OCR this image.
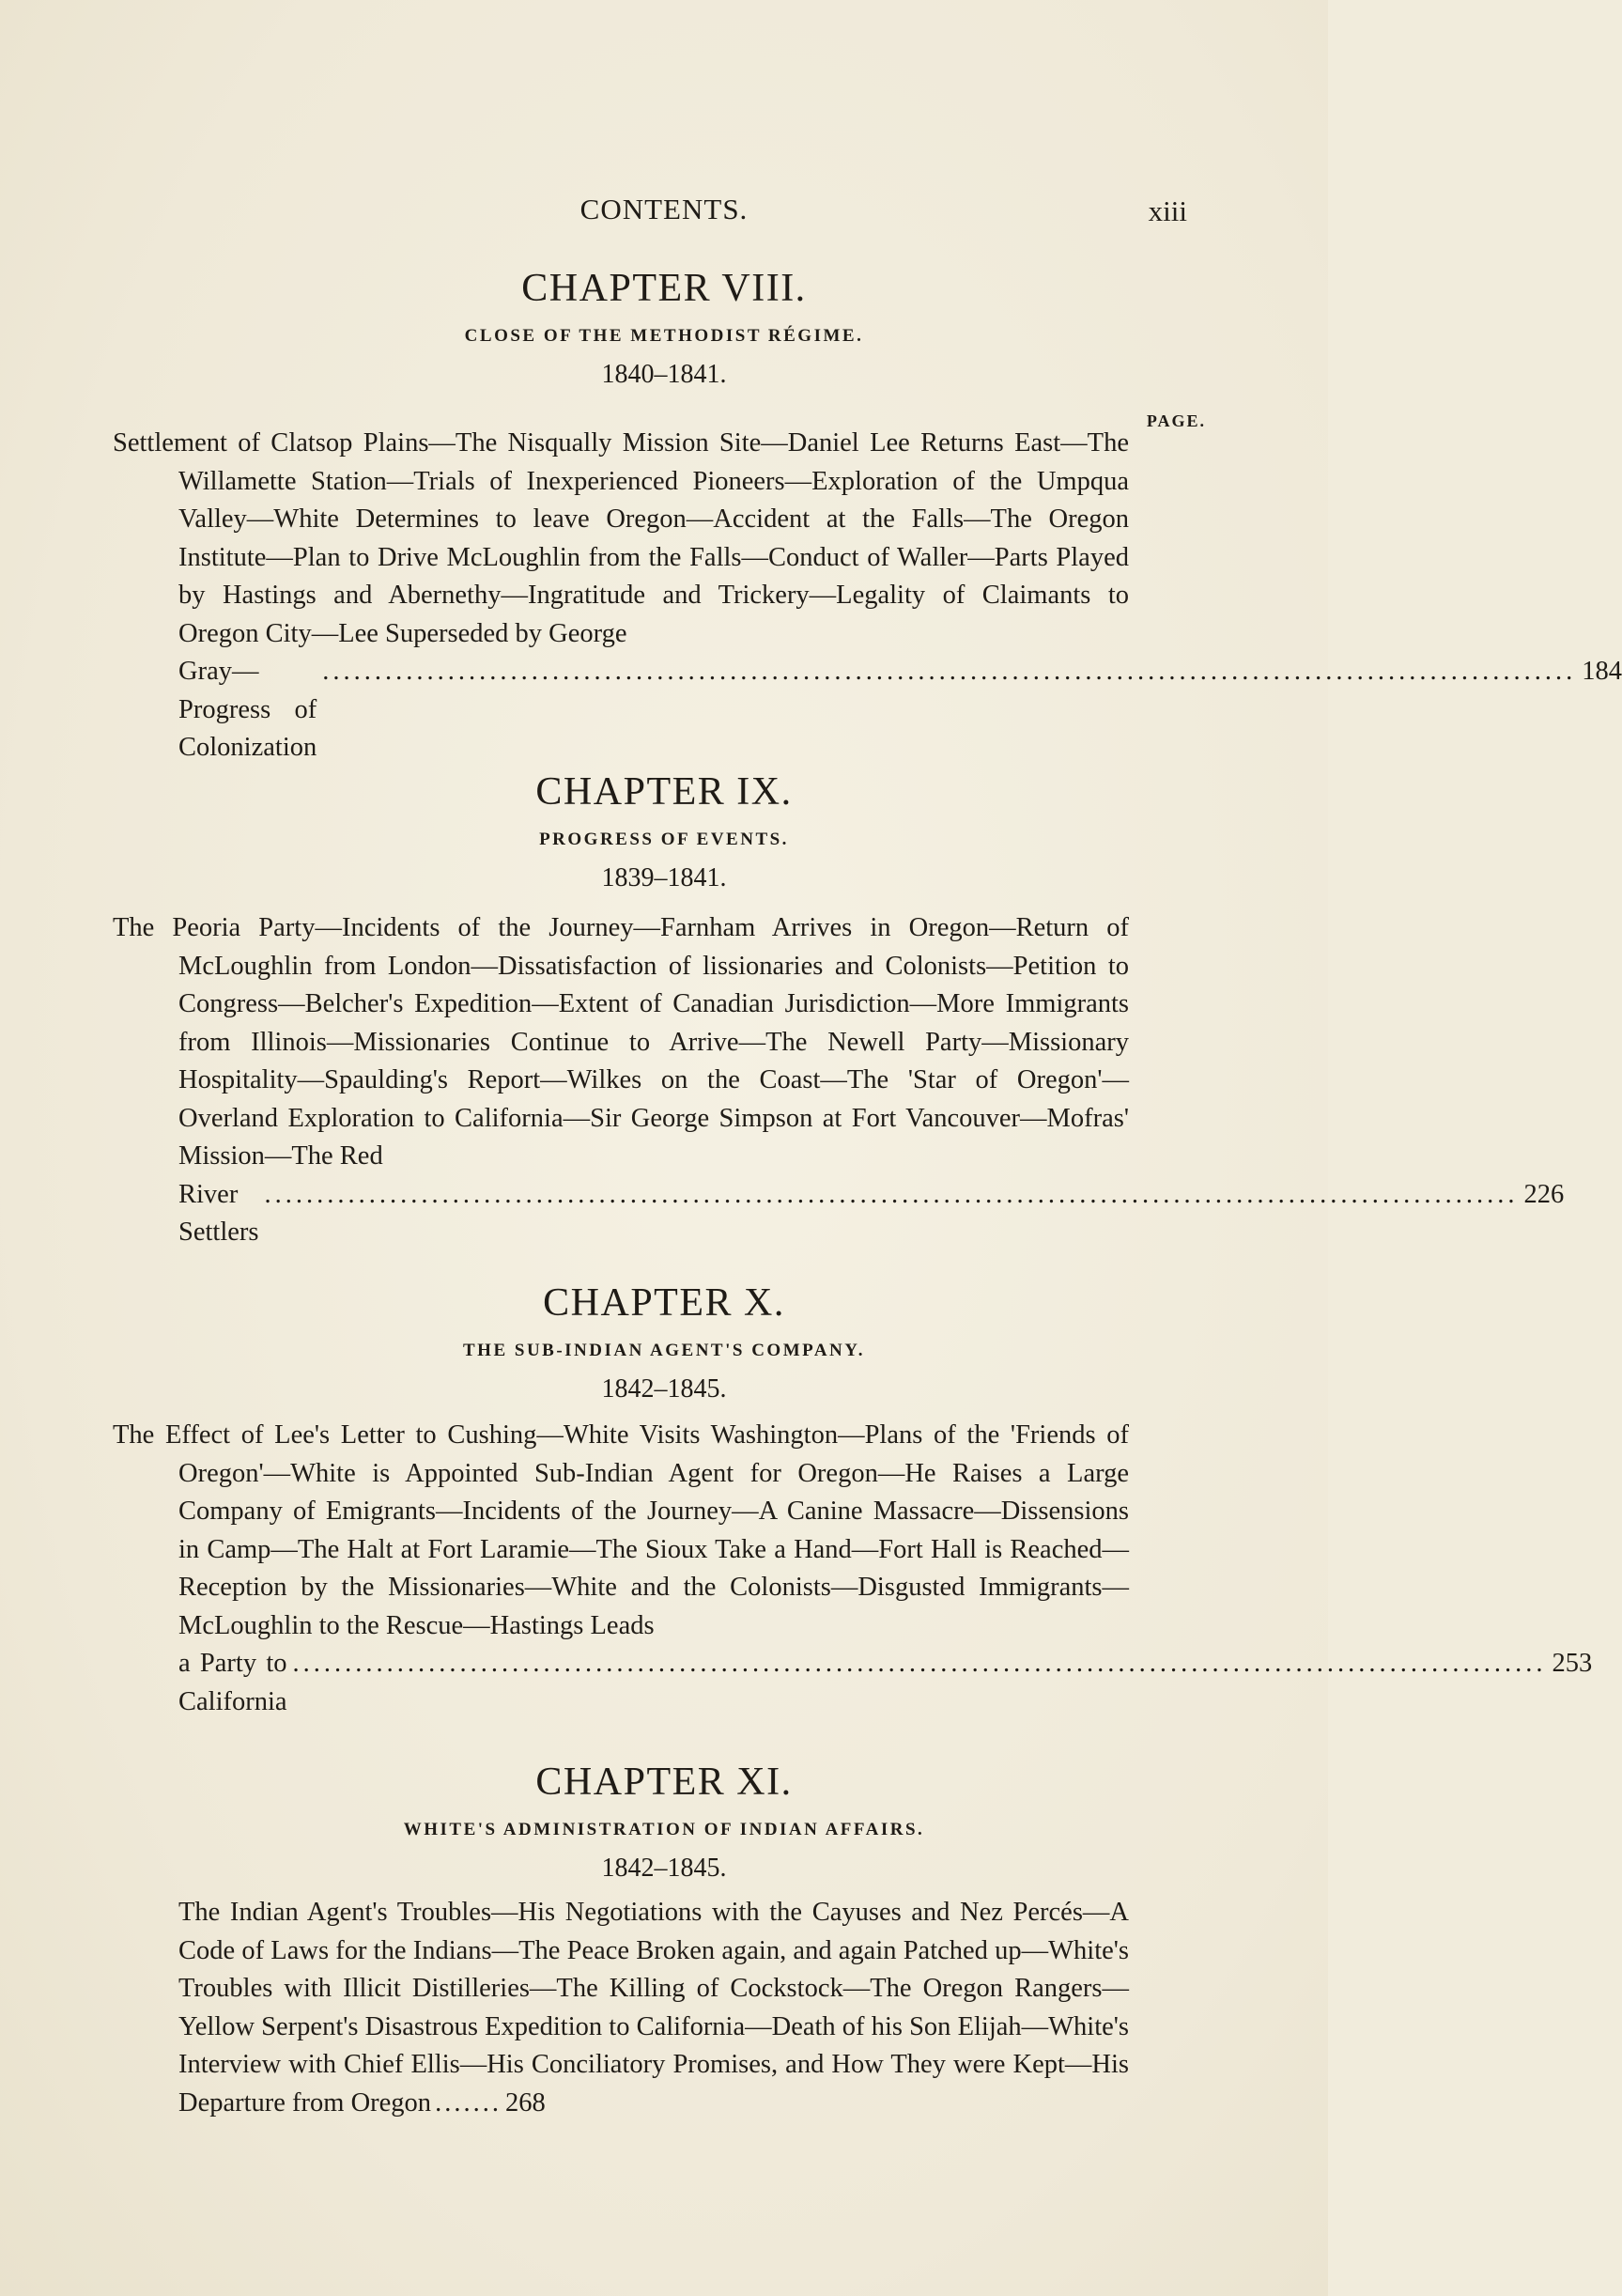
CONTENTS.	xiii
CHAPTER VIII.
CLOSE OF THE METHODIST RÉGIME.
1840–1841.
PAGE.
Settlement of Clatsop Plains—The Nisqually Mission Site—Daniel Lee Returns East—The Willamette Station—Trials of Inexperienced Pioneers—Exploration of the Umpqua Valley—White Determines to leave Oregon—Accident at the Falls—The Oregon Institute—Plan to Drive McLoughlin from the Falls—Conduct of Waller—Parts Played by Hastings and Abernethy—Ingratitude and Trickery—Legality of Claimants to Oregon City—Lee Superseded by George
Gray—Progress of Colonization
........................................................................................................................ 184
CHAPTER IX.
PROGRESS OF EVENTS.
1839–1841.
The Peoria Party—Incidents of the Journey—Farnham Arrives in Oregon—Return of McLoughlin from London—Dissatisfaction of lissionaries and Colonists—Petition to Congress—Belcher's Expedition—Extent of Canadian Jurisdiction—More Immigrants from Illinois—Missionaries Continue to Arrive—The Newell Party—Missionary Hospitality—Spaulding's Report—Wilkes on the Coast—The 'Star of Oregon'—Overland Exploration to California—Sir George Simpson at Fort Vancouver—Mofras' Mission—The Red
River Settlers
........................................................................................................................ 226
CHAPTER X.
THE SUB-INDIAN AGENT'S COMPANY.
1842–1845.
The Effect of Lee's Letter to Cushing—White Visits Washington—Plans of the 'Friends of Oregon'—White is Appointed Sub-Indian Agent for Oregon—He Raises a Large Company of Emigrants—Incidents of the Journey—A Canine Massacre—Dissensions in Camp—The Halt at Fort Laramie—The Sioux Take a Hand—Fort Hall is Reached—Reception by the Missionaries—White and the Colonists—Disgusted Immigrants—McLoughlin to the Rescue—Hastings Leads
a Party to California
........................................................................................................................ 253
CHAPTER XI.
WHITE'S ADMINISTRATION OF INDIAN AFFAIRS.
1842–1845.
The Indian Agent's Troubles—His Negotiations with the Cayuses and Nez Percés—A Code of Laws for the Indians—The Peace Broken again, and again Patched up—White's Troubles with Illicit Distilleries—The Killing of Cockstock—The Oregon Rangers—Yellow Serpent's Disastrous Expedition to California—Death of his Son Elijah—White's Interview with Chief Ellis—His Conciliatory Promises, and How They were Kept—His Departure from Oregon ....... 268
